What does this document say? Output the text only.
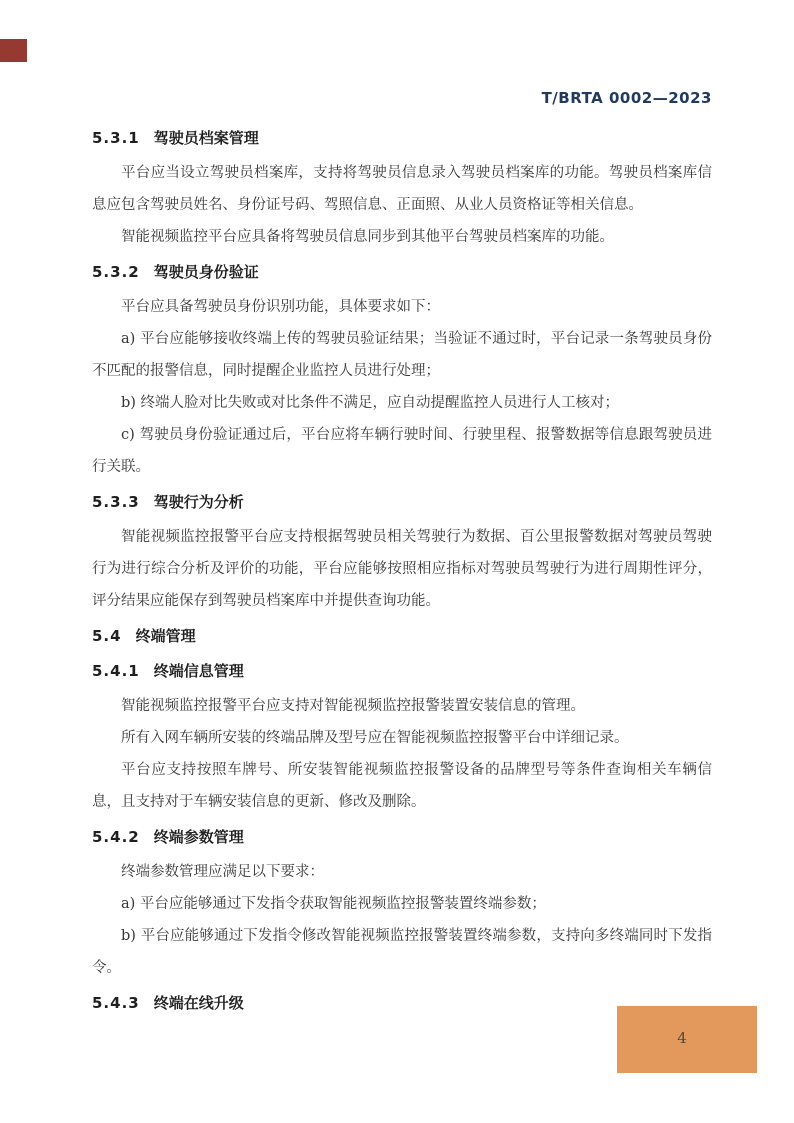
T/BRTA 0002—2023
5.3.1 驾驶员档案管理

平台应当设立驾驶员档案库，支持将驾驶员信息录入驾驶员档案库的功能。驾驶员档案库信息应包含驾驶员姓名、身份证号码、驾照信息、正面照、从业人员资格证等相关信息。

智能视频监控平台应具备将驾驶员信息同步到其他平台驾驶员档案库的功能。

5.3.2 驾驶员身份验证

平台应具备驾驶员身份识别功能，具体要求如下：

a) 平台应能够接收终端上传的驾驶员验证结果；当验证不通过时，平台记录一条驾驶员身份不匹配的报警信息，同时提醒企业监控人员进行处理；

b) 终端人脸对比失败或对比条件不满足，应自动提醒监控人员进行人工核对；

c) 驾驶员身份验证通过后，平台应将车辆行驶时间、行驶里程、报警数据等信息跟驾驶员进行关联。

5.3.3 驾驶行为分析

智能视频监控报警平台应支持根据驾驶员相关驾驶行为数据、百公里报警数据对驾驶员驾驶行为进行综合分析及评价的功能，平台应能够按照相应指标对驾驶员驾驶行为进行周期性评分，评分结果应能保存到驾驶员档案库中并提供查询功能。

5.4 终端管理
5.4.1 终端信息管理

智能视频监控报警平台应支持对智能视频监控报警装置安装信息的管理。

所有入网车辆所安装的终端品牌及型号应在智能视频监控报警平台中详细记录。

平台应支持按照车牌号、所安装智能视频监控报警设备的品牌型号等条件查询相关车辆信息，且支持对于车辆安装信息的更新、修改及删除。

5.4.2 终端参数管理

终端参数管理应满足以下要求：

a) 平台应能够通过下发指令获取智能视频监控报警装置终端参数；

b) 平台应能够通过下发指令修改智能视频监控报警装置终端参数，支持向多终端同时下发指令。

5.4.3 终端在线升级
4
